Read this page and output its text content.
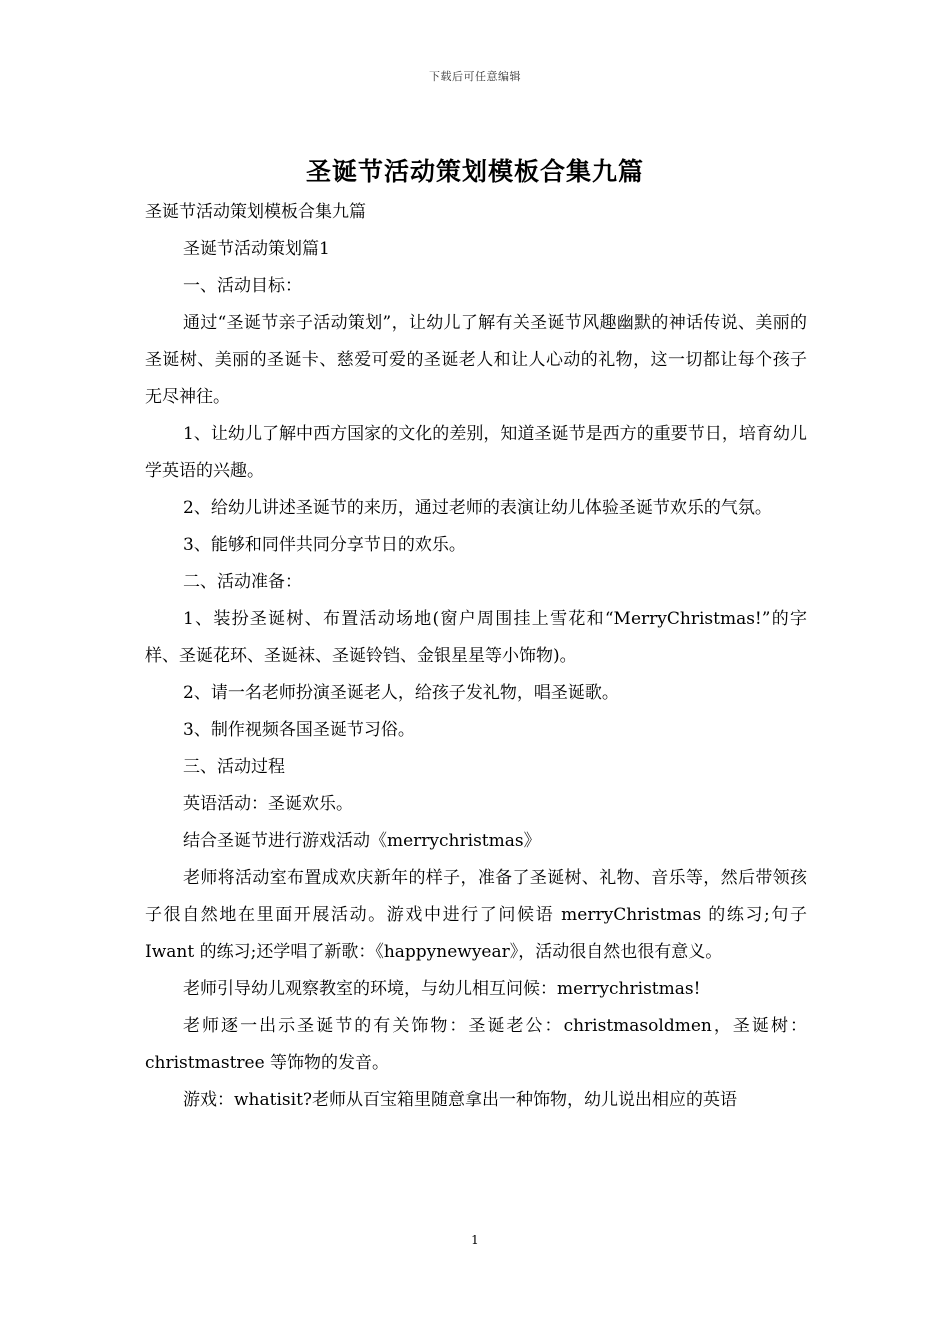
下载后可任意编辑
圣诞节活动策划模板合集九篇

圣诞节活动策划模板合集九篇

圣诞节活动策划篇1

一、活动目标：

通过“圣诞节亲子活动策划”，让幼儿了解有关圣诞节风趣幽默的神话传说、美丽的圣诞树、美丽的圣诞卡、慈爱可爱的圣诞老人和让人心动的礼物，这一切都让每个孩子无尽神往。

1、让幼儿了解中西方国家的文化的差别，知道圣诞节是西方的重要节日，培育幼儿学英语的兴趣。

2、给幼儿讲述圣诞节的来历，通过老师的表演让幼儿体验圣诞节欢乐的气氛。

3、能够和同伴共同分享节日的欢乐。

二、活动准备：

1、装扮圣诞树、布置活动场地(窗户周围挂上雪花和“MerryChristmas!”的字样、圣诞花环、圣诞袜、圣诞铃铛、金银星星等小饰物)。

2、请一名老师扮演圣诞老人，给孩子发礼物，唱圣诞歌。

3、制作视频各国圣诞节习俗。

三、活动过程

英语活动：圣诞欢乐。

结合圣诞节进行游戏活动《merrychristmas》

老师将活动室布置成欢庆新年的样子，准备了圣诞树、礼物、音乐等，然后带领孩子很自然地在里面开展活动。游戏中进行了问候语 merryChristmas 的练习;句子 Iwant 的练习;还学唱了新歌：《happynewyear》，活动很自然也很有意义。

老师引导幼儿观察教室的环境，与幼儿相互问候：merrychristmas!

老师逐一出示圣诞节的有关饰物：圣诞老公：christmasoldmen，圣诞树：christmastree 等饰物的发音。

游戏：whatisit?老师从百宝箱里随意拿出一种饰物，幼儿说出相应的英语

1
